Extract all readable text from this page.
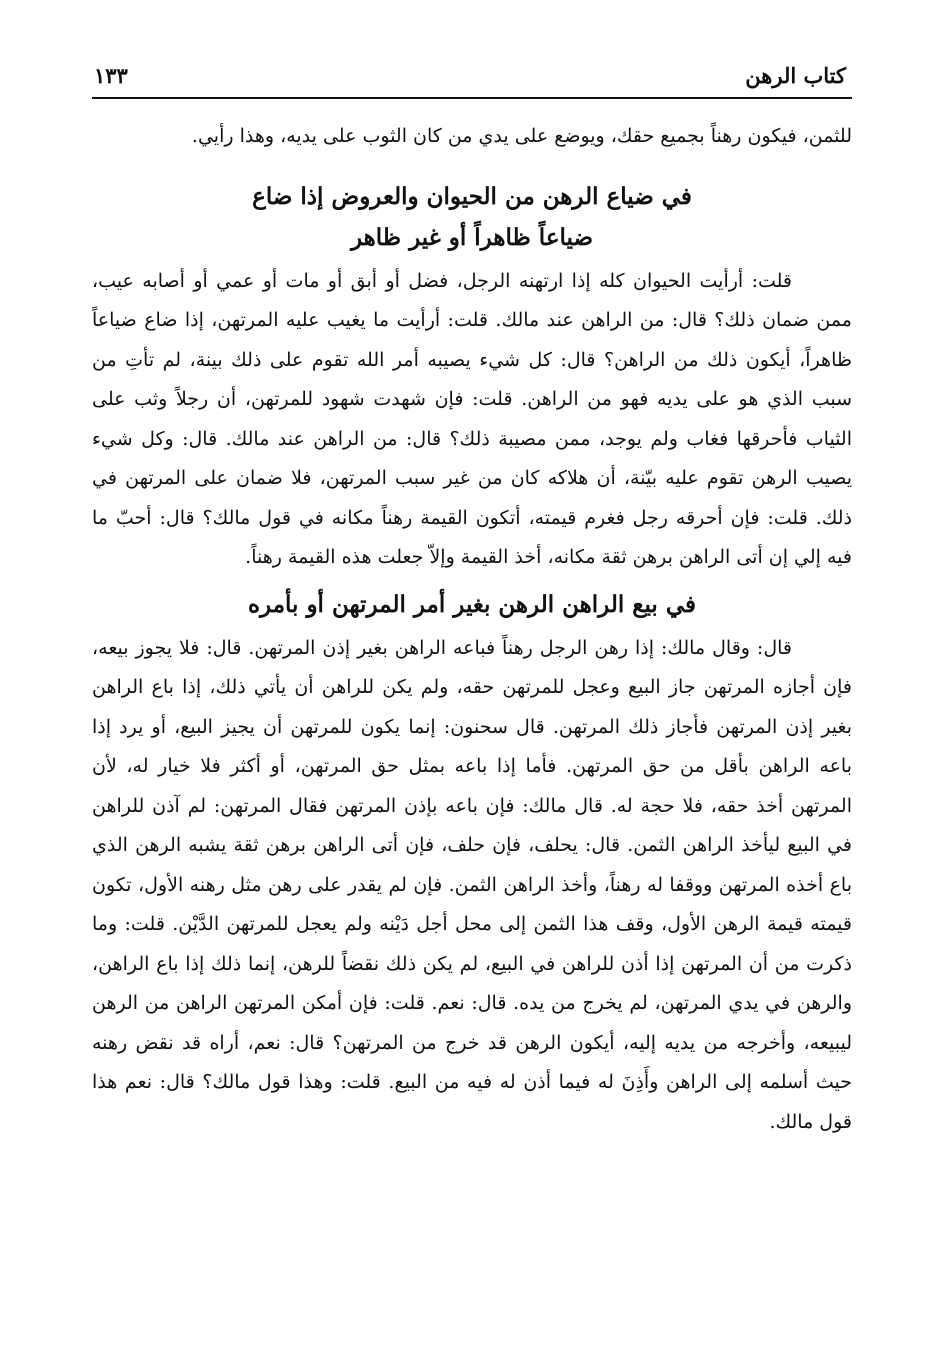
كتاب الرهن
١٣٣

للثمن، فيكون رهناً بجميع حقك، ويوضع على يدي من كان الثوب على يديه، وهذا رأيي.

في ضياع الرهن من الحيوان والعروض إذا ضاع
ضياعاً ظاهراً أو غير ظاهر

قلت: أرأيت الحيوان كله إذا ارتهنه الرجل، فضل أو أبق أو مات أو عمي أو أصابه عيب، ممن ضمان ذلك؟ قال: من الراهن عند مالك. قلت: أرأيت ما يغيب عليه المرتهن، إذا ضاع ضياعاً ظاهراً، أيكون ذلك من الراهن؟ قال: كل شيء يصيبه أمر الله تقوم على ذلك بينة، لم تأتِ من سبب الذي هو على يديه فهو من الراهن. قلت: فإن شهدت شهود للمرتهن، أن رجلاً وثب على الثياب فأحرقها فغاب ولم يوجد، ممن مصيبة ذلك؟ قال: من الراهن عند مالك. قال: وكل شيء يصيب الرهن تقوم عليه بيّنة، أن هلاكه كان من غير سبب المرتهن، فلا ضمان على المرتهن في ذلك. قلت: فإن أحرقه رجل فغرم قيمته، أتكون القيمة رهناً مكانه في قول مالك؟ قال: أحبّ ما فيه إلي إن أتى الراهن برهن ثقة مكانه، أخذ القيمة وإلاّ جعلت هذه القيمة رهناً.

في بيع الراهن الرهن بغير أمر المرتهن أو بأمره

قال: وقال مالك: إذا رهن الرجل رهناً فباعه الراهن بغير إذن المرتهن. قال: فلا يجوز بيعه، فإن أجازه المرتهن جاز البيع وعجل للمرتهن حقه، ولم يكن للراهن أن يأتي ذلك، إذا باع الراهن بغير إذن المرتهن فأجاز ذلك المرتهن. قال سحنون: إنما يكون للمرتهن أن يجيز البيع، أو يرد إذا باعه الراهن بأقل من حق المرتهن. فأما إذا باعه بمثل حق المرتهن، أو أكثر فلا خيار له، لأن المرتهن أخذ حقه، فلا حجة له. قال مالك: فإن باعه بإذن المرتهن فقال المرتهن: لم آذن للراهن في البيع ليأخذ الراهن الثمن. قال: يحلف، فإن حلف، فإن أتى الراهن برهن ثقة يشبه الرهن الذي باع أخذه المرتهن ووقفا له رهناً، وأخذ الراهن الثمن. فإن لم يقدر على رهن مثل رهنه الأول، تكون قيمته قيمة الرهن الأول، وقف هذا الثمن إلى محل أجل دَيْنه ولم يعجل للمرتهن الدَّيْن. قلت: وما ذكرت من أن المرتهن إذا أذن للراهن في البيع، لم يكن ذلك نقضاً للرهن، إنما ذلك إذا باع الراهن، والرهن في يدي المرتهن، لم يخرج من يده. قال: نعم. قلت: فإن أمكن المرتهن الراهن من الرهن ليبيعه، وأخرجه من يديه إليه، أيكون الرهن قد خرج من المرتهن؟ قال: نعم، أراه قد نقض رهنه حيث أسلمه إلى الراهن وأَذِنَ له فيما أذن له فيه من البيع. قلت: وهذا قول مالك؟ قال: نعم هذا قول مالك.
